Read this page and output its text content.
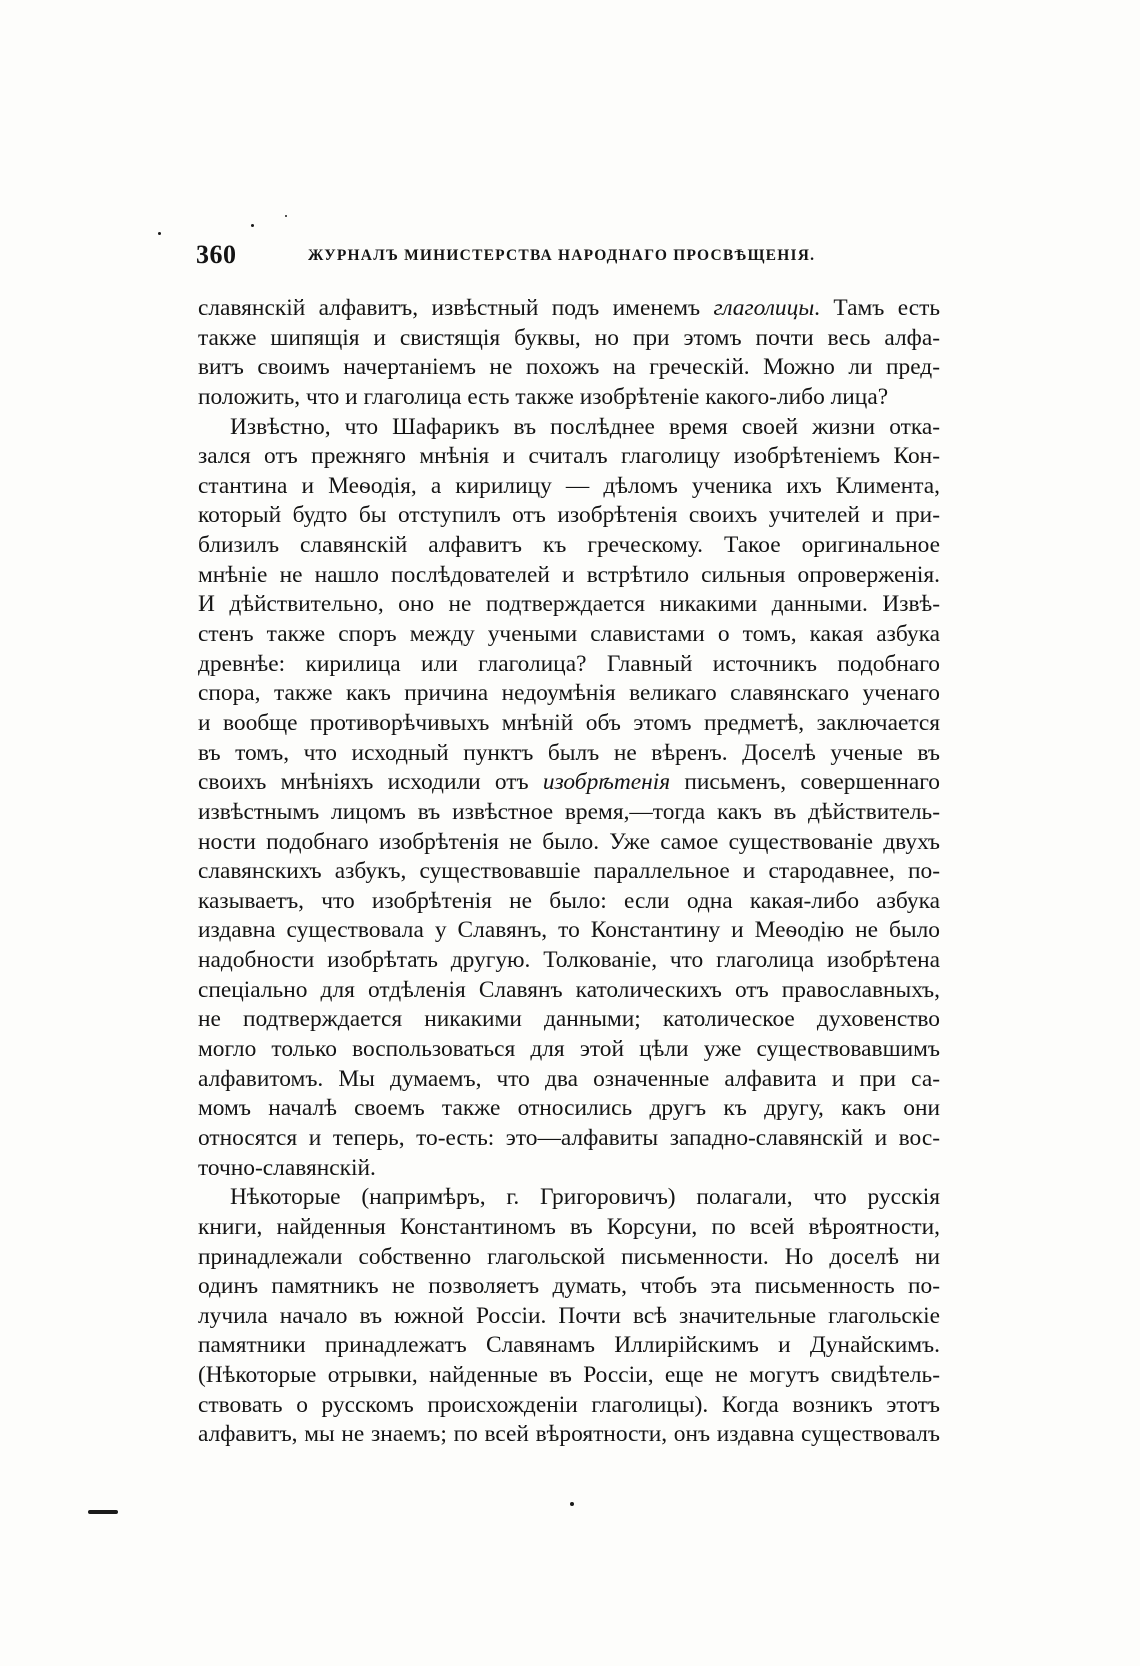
360	ЖУРНАЛЪ МИНИСТЕРСТВА НАРОДНАГО ПРОСВѢЩЕНІЯ.
славянскій алфавитъ, извѣстный подъ именемъ глаголицы. Тамъ есть
также шипящія и свистящія буквы, но при этомъ почти весь алфа-
витъ своимъ начертаніемъ не похожъ на греческій. Можно ли пред-
положить, что и глаголица есть также изобрѣтеніе какого-либо лица?
Извѣстно, что Шафарикъ въ послѣднее время своей жизни отка-
зался отъ прежняго мнѣнія и считалъ глаголицу изобрѣтеніемъ Кон-
стантина и Меѳодія, а кирилицу — дѣломъ ученика ихъ Климента,
который будто бы отступилъ отъ изобрѣтенія своихъ учителей и при-
близилъ славянскій алфавитъ къ греческому. Такое оригинальное
мнѣніе не нашло послѣдователей и встрѣтило сильныя опроверженія.
И дѣйствительно, оно не подтверждается никакими данными. Извѣ-
стенъ также споръ между учеными славистами о томъ, какая азбука
древнѣе: кирилица или глаголица? Главный источникъ подобнаго
спора, также какъ причина недоумѣнія великаго славянскаго ученаго
и вообще противорѣчивыхъ мнѣній объ этомъ предметѣ, заключается
въ томъ, что исходный пунктъ былъ не вѣренъ. Доселѣ ученые въ
своихъ мнѣніяхъ исходили отъ изобрѣтенія письменъ, совершеннаго
извѣстнымъ лицомъ въ извѣстное время,—тогда какъ въ дѣйствитель-
ности подобнаго изобрѣтенія не было. Уже самое существованіе двухъ
славянскихъ азбукъ, существовавшіе параллельное и стародавнее, по-
казываетъ, что изобрѣтенія не было: если одна какая-либо азбука
издавна существовала у Славянъ, то Константину и Меѳодію не было
надобности изобрѣтать другую. Толкованіе, что глаголица изобрѣтена
спеціально для отдѣленія Славянъ католическихъ отъ православныхъ,
не подтверждается никакими данными; католическое духовенство
могло только воспользоваться для этой цѣли уже существовавшимъ
алфавитомъ. Мы думаемъ, что два означенные алфавита и при са-
момъ началѣ своемъ также относились другъ къ другу, какъ они
относятся и теперь, то-есть: это—алфавиты западно-славянскій и вос-
точно-славянскій.
Нѣкоторые (напримѣръ, г. Григоровичъ) полагали, что русскія
книги, найденныя Константиномъ въ Корсуни, по всей вѣроятности,
принадлежали собственно глагольской письменности. Но доселѣ ни
одинъ памятникъ не позволяетъ думать, чтобъ эта письменность по-
лучила начало въ южной Россіи. Почти всѣ значительные глагольскіе
памятники принадлежатъ Славянамъ Иллирійскимъ и Дунайскимъ.
(Нѣкоторые отрывки, найденные въ Россіи, еще не могутъ свидѣтель-
ствовать о русскомъ происхожденіи глаголицы). Когда возникъ этотъ
алфавитъ, мы не знаемъ; по всей вѣроятности, онъ издавна существовалъ
